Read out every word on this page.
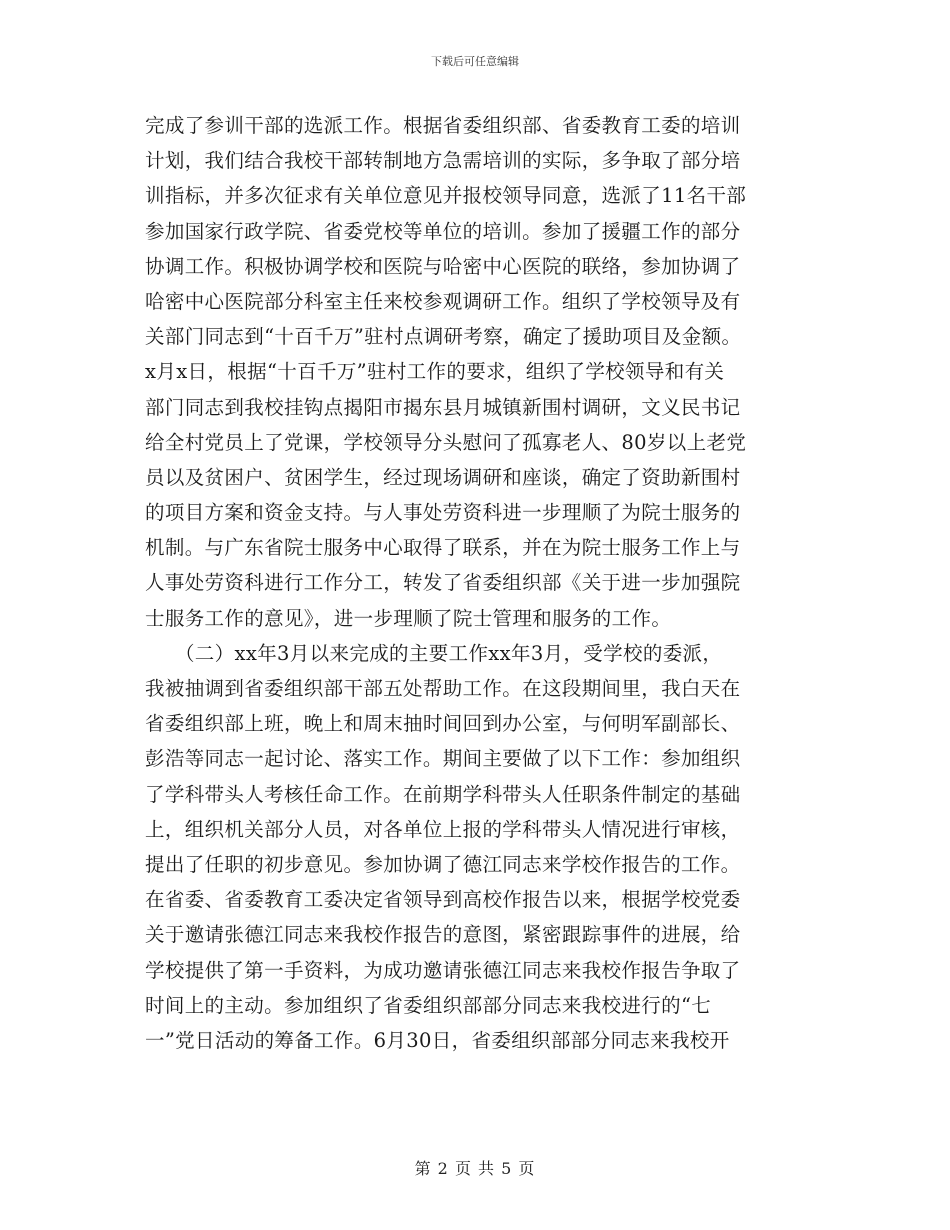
下载后可任意编辑
完成了参训干部的选派工作。根据省委组织部、省委教育工委的培训
计划，我们结合我校干部转制地方急需培训的实际，多争取了部分培
训指标，并多次征求有关单位意见并报校领导同意，选派了11名干部
参加国家行政学院、省委党校等单位的培训。参加了援疆工作的部分
协调工作。积极协调学校和医院与哈密中心医院的联络，参加协调了
哈密中心医院部分科室主任来校参观调研工作。组织了学校领导及有
关部门同志到“十百千万”驻村点调研考察，确定了援助项目及金额。
x月x日，根据“十百千万”驻村工作的要求，组织了学校领导和有关
部门同志到我校挂钩点揭阳市揭东县月城镇新围村调研，文义民书记
给全村党员上了党课，学校领导分头慰问了孤寡老人、80岁以上老党
员以及贫困户、贫困学生，经过现场调研和座谈，确定了资助新围村
的项目方案和资金支持。与人事处劳资科进一步理顺了为院士服务的
机制。与广东省院士服务中心取得了联系，并在为院士服务工作上与
人事处劳资科进行工作分工，转发了省委组织部《关于进一步加强院
士服务工作的意见》，进一步理顺了院士管理和服务的工作。
　　（二）xx年3月以来完成的主要工作xx年3月，受学校的委派，
我被抽调到省委组织部干部五处帮助工作。在这段期间里，我白天在
省委组织部上班，晚上和周末抽时间回到办公室，与何明军副部长、
彭浩等同志一起讨论、落实工作。期间主要做了以下工作：参加组织
了学科带头人考核任命工作。在前期学科带头人任职条件制定的基础
上，组织机关部分人员，对各单位上报的学科带头人情况进行审核，
提出了任职的初步意见。参加协调了德江同志来学校作报告的工作。
在省委、省委教育工委决定省领导到高校作报告以来，根据学校党委
关于邀请张德江同志来我校作报告的意图，紧密跟踪事件的进展，给
学校提供了第一手资料，为成功邀请张德江同志来我校作报告争取了
时间上的主动。参加组织了省委组织部部分同志来我校进行的“七
一”党日活动的筹备工作。6月30日，省委组织部部分同志来我校开
第 2 页 共 5 页
